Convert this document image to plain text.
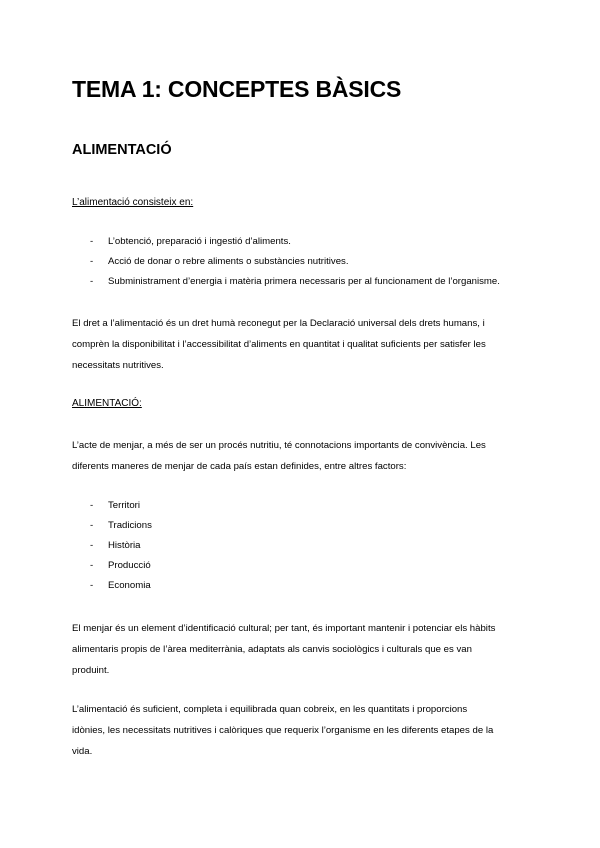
TEMA 1: CONCEPTES BÀSICS
ALIMENTACIÓ
L’alimentació consisteix en:
- L’obtenció, preparació i ingestió d’aliments.
- Acció de donar o rebre aliments o substàncies nutritives.
- Subministrament d’energia i matèria primera necessaris per al funcionament de l’organisme.
El dret a l’alimentació és un dret humà reconegut per la Declaració universal dels drets humans, i
comprèn la disponibilitat i l’accessibilitat d’aliments en quantitat i qualitat suficients per satisfer les
necessitats nutritives.
ALIMENTACIÓ:
L’acte de menjar, a més de ser un procés nutritiu, té connotacions importants de convivència. Les
diferents maneres de menjar de cada país estan definides, entre altres factors:
- Territori
- Tradicions
- Història
- Producció
- Economia
El menjar és un element d’identificació cultural; per tant, és important mantenir i potenciar els hàbits
alimentaris propis de l’àrea mediterrània, adaptats als canvis sociològics i culturals que es van
produint.
L’alimentació és suficient, completa i equilibrada quan cobreix, en les quantitats i proporcions
idònies, les necessitats nutritives i calòriques que requerix l’organisme en les diferents etapes de la
vida.
